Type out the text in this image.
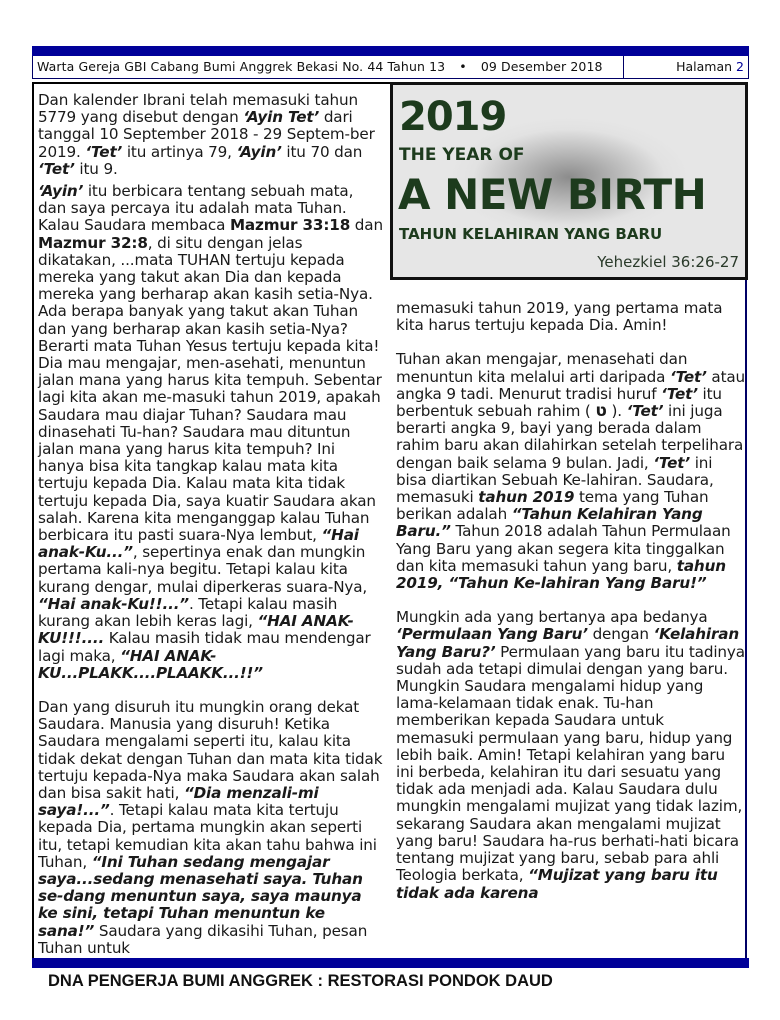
Warta Gereja GBI Cabang Bumi Anggrek Bekasi No. 44 Tahun 13 • 09 Desember 2018	Halaman 2

Dan kalender Ibrani telah memasuki tahun 5779 yang disebut dengan ‘Ayin Tet’ dari tanggal 10 September 2018 - 29 Septem-ber 2019. ‘Tet’ itu artinya 79, ‘Ayin’ itu 70 dan ‘Tet’ itu 9.

‘Ayin’ itu berbicara tentang sebuah mata, dan saya percaya itu adalah mata Tuhan. Kalau Saudara membaca Mazmur 33:18 dan Mazmur 32:8, di situ dengan jelas dikatakan, ...mata TUHAN tertuju kepada mereka yang takut akan Dia dan kepada mereka yang berharap akan kasih setia-Nya. Ada berapa banyak yang takut akan Tuhan dan yang berharap akan kasih setia-Nya? Berarti mata Tuhan Yesus tertuju kepada kita! Dia mau mengajar, men-asehati, menuntun jalan mana yang harus kita tempuh. Sebentar lagi kita akan me-masuki tahun 2019, apakah Saudara mau diajar Tuhan? Saudara mau dinasehati Tu-han? Saudara mau dituntun jalan mana yang harus kita tempuh? Ini hanya bisa kita tangkap kalau mata kita tertuju kepada Dia. Kalau mata kita tidak tertuju kepada Dia, saya kuatir Saudara akan salah. Karena kita menganggap kalau Tuhan berbicara itu pasti suara-Nya lembut, “Hai anak-Ku...”, sepertinya enak dan mungkin pertama kali-nya begitu. Tetapi kalau kita kurang dengar, mulai diperkeras suara-Nya, “Hai anak-Ku!!...”. Tetapi kalau masih kurang akan lebih keras lagi, “HAI ANAK-KU!!!.... Kalau masih tidak mau mendengar lagi maka, “HAI ANAK-KU...PLAKK....PLAAKK...!!”

Dan yang disuruh itu mungkin orang dekat Saudara. Manusia yang disuruh! Ketika Saudara mengalami seperti itu, kalau kita tidak dekat dengan Tuhan dan mata kita tidak tertuju kepada-Nya maka Saudara akan salah dan bisa sakit hati, “Dia menzali-mi saya!...”. Tetapi kalau mata kita tertuju kepada Dia, pertama mungkin akan seperti itu, tetapi kemudian kita akan tahu bahwa ini Tuhan, “Ini Tuhan sedang mengajar saya...sedang menasehati saya. Tuhan se-dang menuntun saya, saya maunya ke sini, tetapi Tuhan menuntun ke sana!” Saudara yang dikasihi Tuhan, pesan Tuhan untuk

memasuki tahun 2019, yang pertama mata kita harus tertuju kepada Dia. Amin!

Tuhan akan mengajar, menasehati dan menuntun kita melalui arti daripada ‘Tet’ atau angka 9 tadi. Menurut tradisi huruf ‘Tet’ itu berbentuk sebuah rahim ( ט ). ‘Tet’ ini juga berarti angka 9, bayi yang berada dalam rahim baru akan dilahirkan setelah terpelihara dengan baik selama 9 bulan. Jadi, ‘Tet’ ini bisa diartikan Sebuah Ke-lahiran. Saudara, memasuki tahun 2019 tema yang Tuhan berikan adalah “Tahun Kelahiran Yang Baru.” Tahun 2018 adalah Tahun Permulaan Yang Baru yang akan segera kita tinggalkan dan kita memasuki tahun yang baru, tahun 2019, “Tahun Ke-lahiran Yang Baru!”

Mungkin ada yang bertanya apa bedanya ‘Permulaan Yang Baru’ dengan ‘Kelahiran Yang Baru?’ Permulaan yang baru itu tadinya sudah ada tetapi dimulai dengan yang baru. Mungkin Saudara mengalami hidup yang lama-kelamaan tidak enak. Tu-han memberikan kepada Saudara untuk memasuki permulaan yang baru, hidup yang lebih baik. Amin! Tetapi kelahiran yang baru ini berbeda, kelahiran itu dari sesuatu yang tidak ada menjadi ada. Kalau Saudara dulu mungkin mengalami mujizat yang tidak lazim, sekarang Saudara akan mengalami mujizat yang baru! Saudara ha-rus berhati-hati bicara tentang mujizat yang baru, sebab para ahli Teologia berkata, “Mujizat yang baru itu tidak ada karena

2019
THE YEAR OF
A NEW BIRTH
TAHUN KELAHIRAN YANG BARU
Yehezkiel 36:26-27
DNA PENGERJA BUMI ANGGREK : RESTORASI PONDOK DAUD
